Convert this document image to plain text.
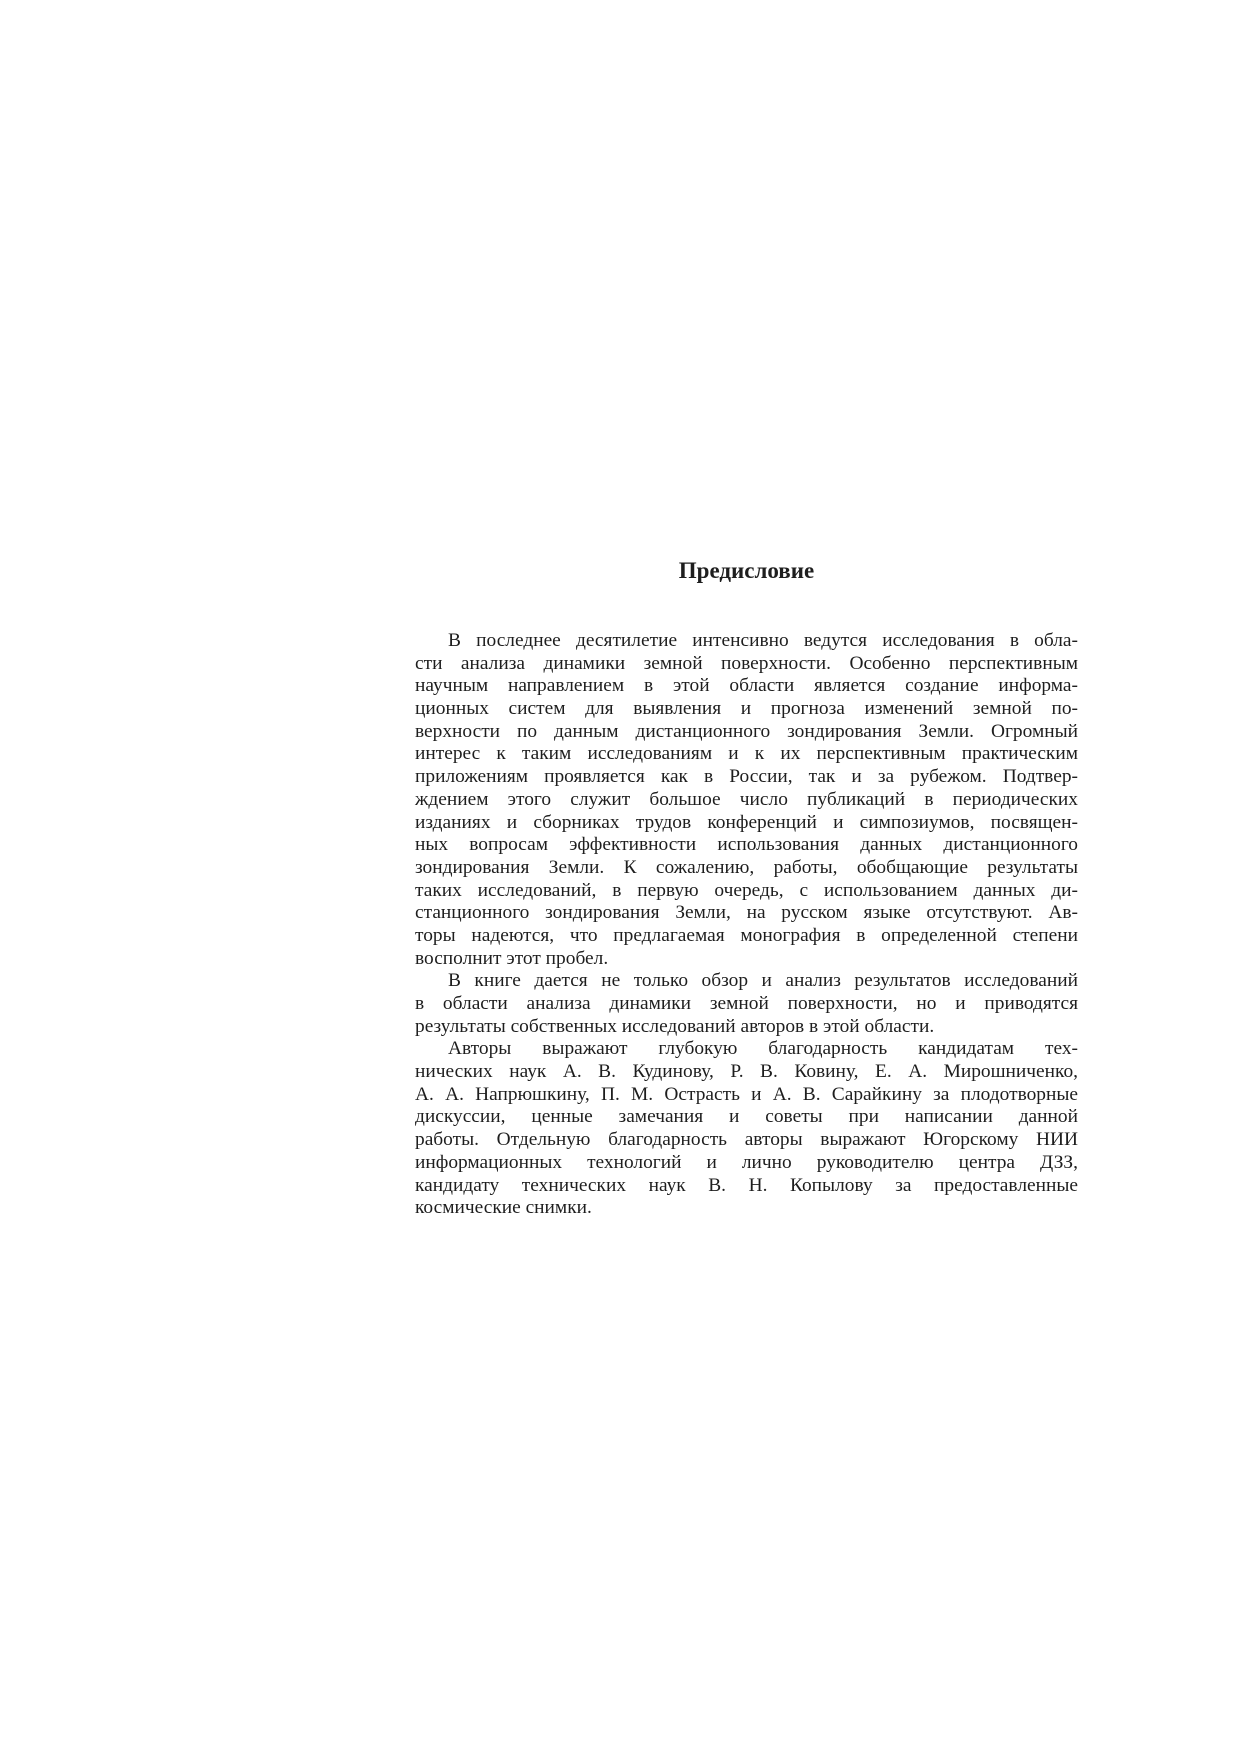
Предисловие
В последнее десятилетие интенсивно ведутся исследования в обла-
сти анализа динамики земной поверхности. Особенно перспективным
научным направлением в этой области является создание информа-
ционных систем для выявления и прогноза изменений земной по-
верхности по данным дистанционного зондирования Земли. Огромный
интерес к таким исследованиям и к их перспективным практическим
приложениям проявляется как в России, так и за рубежом. Подтвер-
ждением этого служит большое число публикаций в периодических
изданиях и сборниках трудов конференций и симпозиумов, посвящен-
ных вопросам эффективности использования данных дистанционного
зондирования Земли. К сожалению, работы, обобщающие результаты
таких исследований, в первую очередь, с использованием данных ди-
станционного зондирования Земли, на русском языке отсутствуют. Ав-
торы надеются, что предлагаемая монография в определенной степени
восполнит этот пробел.
В книге дается не только обзор и анализ результатов исследований
в области анализа динамики земной поверхности, но и приводятся
результаты собственных исследований авторов в этой области.
Авторы выражают глубокую благодарность кандидатам тех-
нических наук А. В. Кудинову, Р. В. Ковину, Е. А. Мирошниченко,
А. А. Напрюшкину, П. М. Остраcть и А. В. Сарайкину за плодотворные
дискуссии, ценные замечания и советы при написании данной
работы. Отдельную благодарность авторы выражают Югорскому НИИ
информационных технологий и лично руководителю центра ДЗЗ,
кандидату технических наук В. Н. Копылову за предоставленные
космические снимки.
